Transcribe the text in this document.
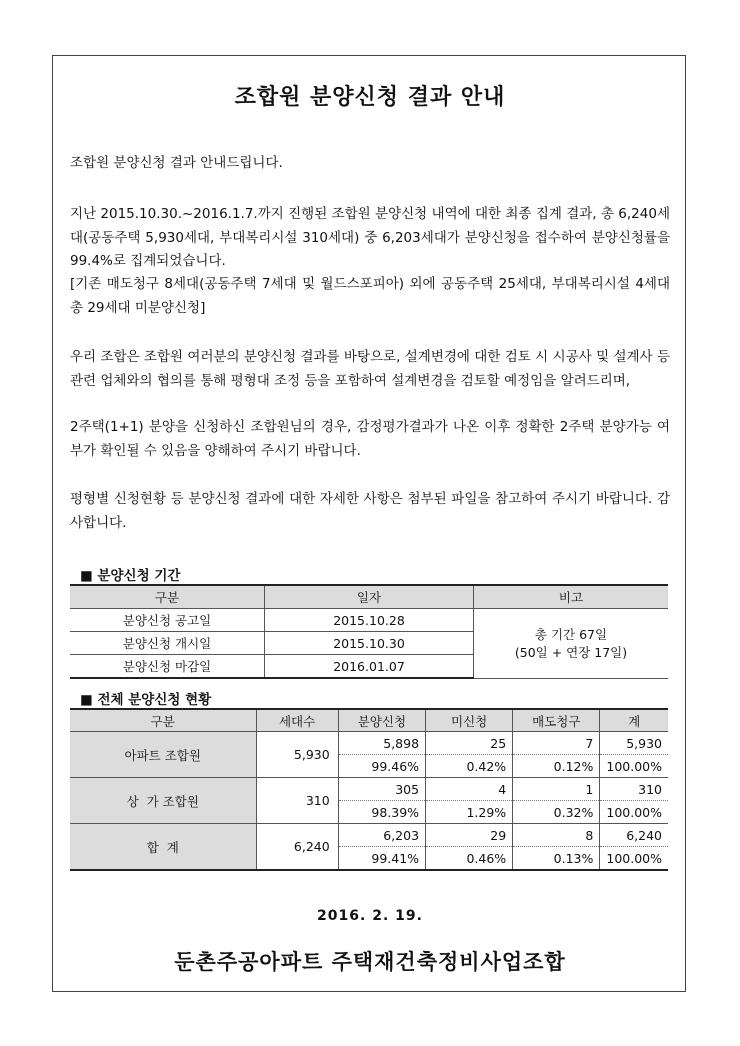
조합원 분양신청 결과 안내

조합원 분양신청 결과 안내드립니다.

지난 2015.10.30.~2016.1.7.까지 진행된 조합원 분양신청 내역에 대한 최종 집계 결과, 총 6,240세대(공동주택 5,930세대, 부대복리시설 310세대) 중 6,203세대가 분양신청을 접수하여 분양신청률을 99.4%로 집계되었습니다.

[기존 매도청구 8세대(공동주택 7세대 및 월드스포피아) 외에 공동주택 25세대, 부대복리시설 4세대 총 29세대 미분양신청]

우리 조합은 조합원 여러분의 분양신청 결과를 바탕으로, 설계변경에 대한 검토 시 시공사 및 설계사 등 관련 업체와의 협의를 통해 평형대 조정 등을 포함하여 설계변경을 검토할 예정임을 알려드리며,

2주택(1+1) 분양을 신청하신 조합원님의 경우, 감정평가결과가 나온 이후 정확한 2주택 분양가능 여부가 확인될 수 있음을 양해하여 주시기 바랍니다.

평형별 신청현황 등 분양신청 결과에 대한 자세한 사항은 첨부된 파일을 참고하여 주시기 바랍니다. 감사합니다.

■ 분양신청 기간
구분	일자	비고
분양신청 공고일	2015.10.28	총 기간 67일
(50일 + 연장 17일)

분양신청 개시일	2015.10.30	
분양신청 마감일	2016.01.07	
■ 전체 분양신청 현황
구분	세대수	분양신청	미신청	매도청구	계
아파트 조합원	5,930	5,898	25	7	5,930
		99.46%	0.42%	0.12%	100.00%
상  가 조합원	310	305	4	1	310
		98.39%	1.29%	0.32%	100.00%
합  계	6,240	6,203	29	8	6,240
		99.41%	0.46%	0.13%	100.00%
2016. 2. 19.
둔촌주공아파트 주택재건축정비사업조합
